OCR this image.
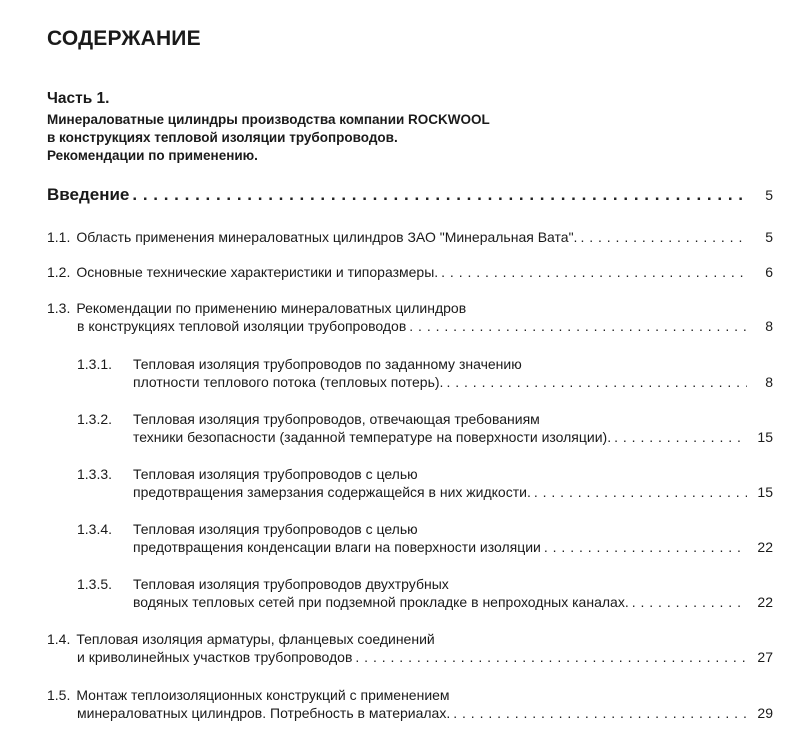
СОДЕРЖАНИЕ
Часть 1.
Минераловатные цилиндры производства компании ROCKWOOL
в конструкциях тепловой изоляции трубопроводов.
Рекомендации по применению.
Введение . . .	5
1.1. Область применения минераловатных цилиндров ЗАО "Минеральная Вата". . . .	5
1.2. Основные технические характеристики и типоразмеры. . . .	6
1.3. Рекомендации по применению минераловатных цилиндров
в конструкциях тепловой изоляции трубопроводов . . .	8
1.3.1. Тепловая изоляция трубопроводов по заданному значению
плотности теплового потока (тепловых потерь). . . .	8
1.3.2. Тепловая изоляция трубопроводов, отвечающая требованиям
техники безопасности (заданной температуре на поверхности изоляции). . . .	15
1.3.3. Тепловая изоляция трубопроводов с целью
предотвращения замерзания содержащейся в них жидкости. . . .	15
1.3.4. Тепловая изоляция трубопроводов с целью
предотвращения конденсации влаги на поверхности изоляции . . .	22
1.3.5. Тепловая изоляция трубопроводов двухтрубных
водяных тепловых сетей при подземной прокладке в непроходных каналах. . . .	22
1.4. Тепловая изоляция арматуры, фланцевых соединений
и криволинейных участков трубопроводов . . .	27
1.5. Монтаж теплоизоляционных конструкций с применением
минераловатных цилиндров. Потребность в материалах. . . .	29
